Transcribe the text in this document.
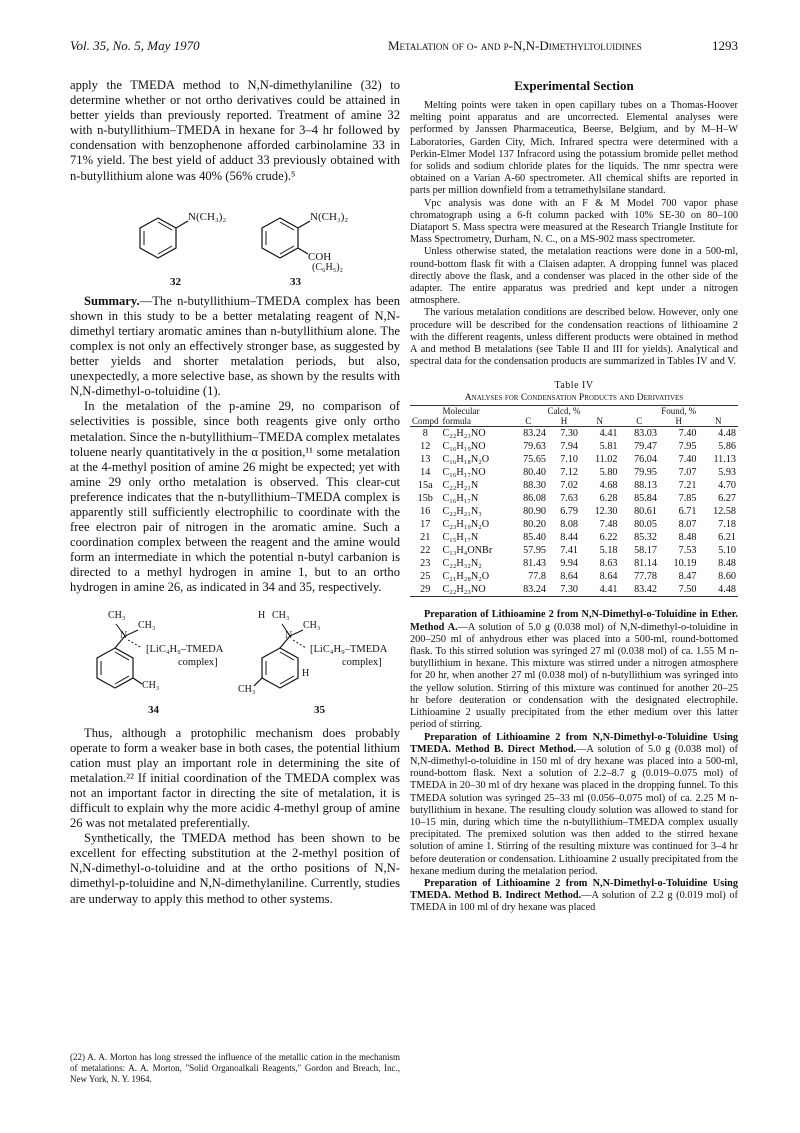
Vol. 35, No. 5, May 1970	Metalation of o- and p-N,N-Dimethyltoluidines	1293

apply the TMEDA method to N,N-dimethylaniline (32) to determine whether or not ortho derivatives could be attained in better yields than previously reported. Treatment of amine 32 with n-butyllithium–TMEDA in hexane for 3–4 hr followed by condensation with benzophenone afforded carbinolamine 33 in 71% yield. The best yield of adduct 33 previously obtained with n-butyllithium alone was 40% (56% crude).⁵

N(CH₃)₂	N(CH₃)₂
COH
(C₆H₅)₂
32	33

Summary.—The n-butyllithium–TMEDA complex has been shown in this study to be a better metalating reagent of N,N-dimethyl tertiary aromatic amines than n-butyllithium alone. The complex is not only an effectively stronger base, as suggested by better yields and shorter metalation periods, but also, unexpectedly, a more selective base, as shown by the results with N,N-dimethyl-o-toluidine (1).

In the metalation of the p-amine 29, no comparison of selectivities is possible, since both reagents give only ortho metalation. Since the n-butyllithium–TMEDA complex metalates toluene nearly quantitatively in the α position,¹¹ some metalation at the 4-methyl position of amine 26 might be expected; yet with amine 29 only ortho metalation is observed. This clear-cut preference indicates that the n-butyllithium–TMEDA complex is apparently still sufficiently electrophilic to coordinate with the free electron pair of nitrogen in the aromatic amine. Such a coordination complex between the reagent and the amine would form an intermediate in which the potential n-butyl carbanion is directed to a methyl hydrogen in amine 1, but to an ortho hydrogen in amine 26, as indicated in 34 and 35, respectively.

CH₃
N
CH₃
[LiC₄H₉–TMEDA
complex]
CH₃
34
H CH₃
N
CH₃
[LiC₄H₉–TMEDA
complex]
H
CH₃
35

Thus, although a protophilic mechanism does probably operate to form a weaker base in both cases, the potential lithium cation must play an important role in determining the site of metalation.²² If initial coordination of the TMEDA complex was not an important factor in directing the site of metalation, it is difficult to explain why the more acidic 4-methyl group of amine 26 was not metalated preferentially.

Synthetically, the TMEDA method has been shown to be excellent for effecting substitution at the 2-methyl position of N,N-dimethyl-o-toluidine and at the ortho positions of N,N-dimethyl-p-toluidine and N,N-dimethylaniline. Currently, studies are underway to apply this method to other systems.

(22) A. A. Morton has long stressed the influence of the metallic cation in the mechanism of metalations: A. A. Morton, "Solid Organoalkali Reagents," Gordon and Breach, Inc., New York, N. Y. 1964.
Experimental Section

Melting points were taken in open capillary tubes on a Thomas-Hoover melting point apparatus and are uncorrected. Elemental analyses were performed by Janssen Pharmaceutica, Beerse, Belgium, and by M–H–W Laboratories, Garden City, Mich. Infrared spectra were determined with a Perkin-Elmer Model 137 Infracord using the potassium bromide pellet method for solids and sodium chloride plates for the liquids. The nmr spectra were obtained on a Varian A-60 spectrometer. All chemical shifts are reported in parts per million downfield from a tetramethylsilane standard.

Vpc analysis was done with an F & M Model 700 vapor phase chromatograph using a 6-ft column packed with 10% SE-30 on 80–100 Diataport S. Mass spectra were measured at the Research Triangle Institute for Mass Spectrometry, Durham, N. C., on a MS-902 mass spectrometer.

Unless otherwise stated, the metalation reactions were done in a 500-ml, round-bottom flask fit with a Claisen adapter. A dropping funnel was placed directly above the flask, and a condenser was placed in the other side of the adapter. The entire apparatus was predried and kept under a nitrogen atmosphere.

The various metalation conditions are described below. However, only one procedure will be described for the condensation reactions of lithioamine 2 with the different reagents, unless different products were obtained in method A and method B metalations (see Table II and III for yields). Analytical and spectral data for the condensation products are summarized in Tables IV and V.

Table IV
Analyses for Condensation Products and Derivatives
	Molecular	Calcd, %			Found, %		
Compd	formula	C	H	N	C	H	N
8	C₂₂H₂₃NO	83.24	7.30	4.41	83.03	7.40	4.48
12	C₁₆H₁₉NO	79.63	7.94	5.81	79.47	7.95	5.86
13	C₁₆H₁₈N₂O	75.65	7.10	11.02	76.04	7.40	11.13
14	C₁₆H₁₇NO	80.40	7.12	5.80	79.95	7.07	5.93
15a	C₂₂H₂₁N	88.30	7.02	4.68	88.13	7.21	4.70
15b	C₁₆H₁₇N	86.08	7.63	6.28	85.84	7.85	6.27
16	C₂₂H₂₁N₃	80.90	6.79	12.30	80.61	6.71	12.58
17	C₂₃H₁₉N₂O	80.20	8.08	7.48	80.05	8.07	7.18
21	C₁₅H₁₇N	85.40	8.44	6.22	85.32	8.48	6.21
22	C₁₃H₄ONBr	57.95	7.41	5.18	58.17	7.53	5.10
23	C₂₂H₃₂N₂	81.43	9.94	8.63	81.14	10.19	8.48
25	C₂₁H₂₈N₂O	77.8	8.64	8.64	77.78	8.47	8.60
29	C₂₂H₂₃NO	83.24	7.30	4.41	83.42	7.50	4.48

Preparation of Lithioamine 2 from N,N-Dimethyl-o-Toluidine in Ether. Method A.—A solution of 5.0 g (0.038 mol) of N,N-dimethyl-o-toluidine in 200–250 ml of anhydrous ether was placed into a 500-ml, round-bottomed flask. To this stirred solution was syringed 27 ml (0.038 mol) of ca. 1.55 M n-butyllithium in hexane. This mixture was stirred under a nitrogen atmosphere for 20 hr, when another 27 ml (0.038 mol) of n-butyllithium was syringed into the yellow solution. Stirring of this mixture was continued for another 20–25 hr before deuteration or condensation with the designated electrophile. Lithioamine 2 usually precipitated from the ether medium over this latter period of stirring.

Preparation of Lithioamine 2 from N,N-Dimethyl-o-Toluidine Using TMEDA. Method B. Direct Method.—A solution of 5.0 g (0.038 mol) of N,N-dimethyl-o-toluidine in 150 ml of dry hexane was placed into a 500-ml, round-bottom flask. Next a solution of 2.2–8.7 g (0.019–0.075 mol) of TMEDA in 20–30 ml of dry hexane was placed in the dropping funnel. To this TMEDA solution was syringed 25–33 ml (0.056–0.075 mol) of ca. 2.25 M n-butyllithium in hexane. The resulting cloudy solution was allowed to stand for 10–15 min, during which time the n-butyllithium–TMEDA complex usually precipitated. The premixed solution was then added to the stirred hexane solution of amine 1. Stirring of the resulting mixture was continued for 3–4 hr before deuteration or condensation. Lithioamine 2 usually precipitated from the hexane medium during the metalation period.

Preparation of Lithioamine 2 from N,N-Dimethyl-o-Toluidine Using TMEDA. Method B. Indirect Method.—A solution of 2.2 g (0.019 mol) of TMEDA in 100 ml of dry hexane was placed
